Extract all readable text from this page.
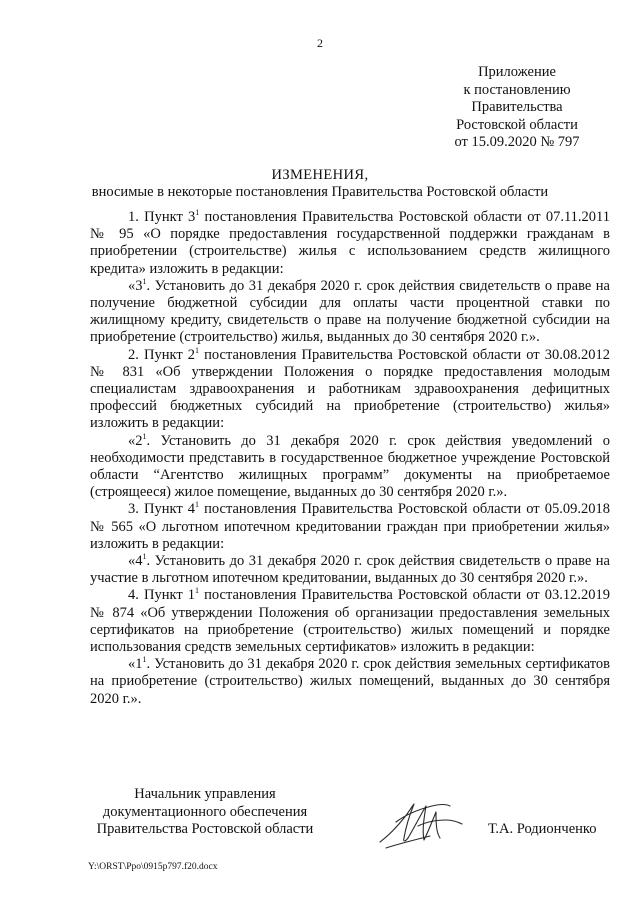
2
Приложение
к постановлению
Правительства
Ростовской области
от 15.09.2020 № 797
ИЗМЕНЕНИЯ,
вносимые в некоторые постановления Правительства Ростовской области

1. Пункт $3^1$ постановления Правительства Ростовской области от 07.11.2011 № 95 «О порядке предоставления государственной поддержки гражданам в приобретении (строительстве) жилья с использованием средств жилищного кредита» изложить в редакции:

«$3^1$. Установить до 31 декабря 2020 г. срок действия свидетельств о праве на получение бюджетной субсидии для оплаты части процентной ставки по жилищному кредиту, свидетельств о праве на получение бюджетной субсидии на приобретение (строительство) жилья, выданных до 30 сентября 2020 г.».

2. Пункт $2^1$ постановления Правительства Ростовской области от 30.08.2012 № 831 «Об утверждении Положения о порядке предоставления молодым специалистам здравоохранения и работникам здравоохранения дефицитных профессий бюджетных субсидий на приобретение (строительство) жилья» изложить в редакции:

«$2^1$. Установить до 31 декабря 2020 г. срок действия уведомлений о необходимости представить в государственное бюджетное учреждение Ростовской области “Агентство жилищных программ” документы на приобретаемое (строящееся) жилое помещение, выданных до 30 сентября 2020 г.».

3. Пункт $4^1$ постановления Правительства Ростовской области от 05.09.2018 № 565 «О льготном ипотечном кредитовании граждан при приобретении жилья» изложить в редакции:

«$4^1$. Установить до 31 декабря 2020 г. срок действия свидетельств о праве на участие в льготном ипотечном кредитовании, выданных до 30 сентября 2020 г.».

4. Пункт $1^1$ постановления Правительства Ростовской области от 03.12.2019 № 874 «Об утверждении Положения об организации предоставления земельных сертификатов на приобретение (строительство) жилых помещений и порядке использования средств земельных сертификатов» изложить в редакции:

«$1^1$. Установить до 31 декабря 2020 г. срок действия земельных сертификатов на приобретение (строительство) жилых помещений, выданных до 30 сентября 2020 г.».

Начальник управления
документационного обеспечения
Правительства Ростовской области	Т.А. Родионченко
Y:\ORST\Ppo\0915p797.f20.docx
